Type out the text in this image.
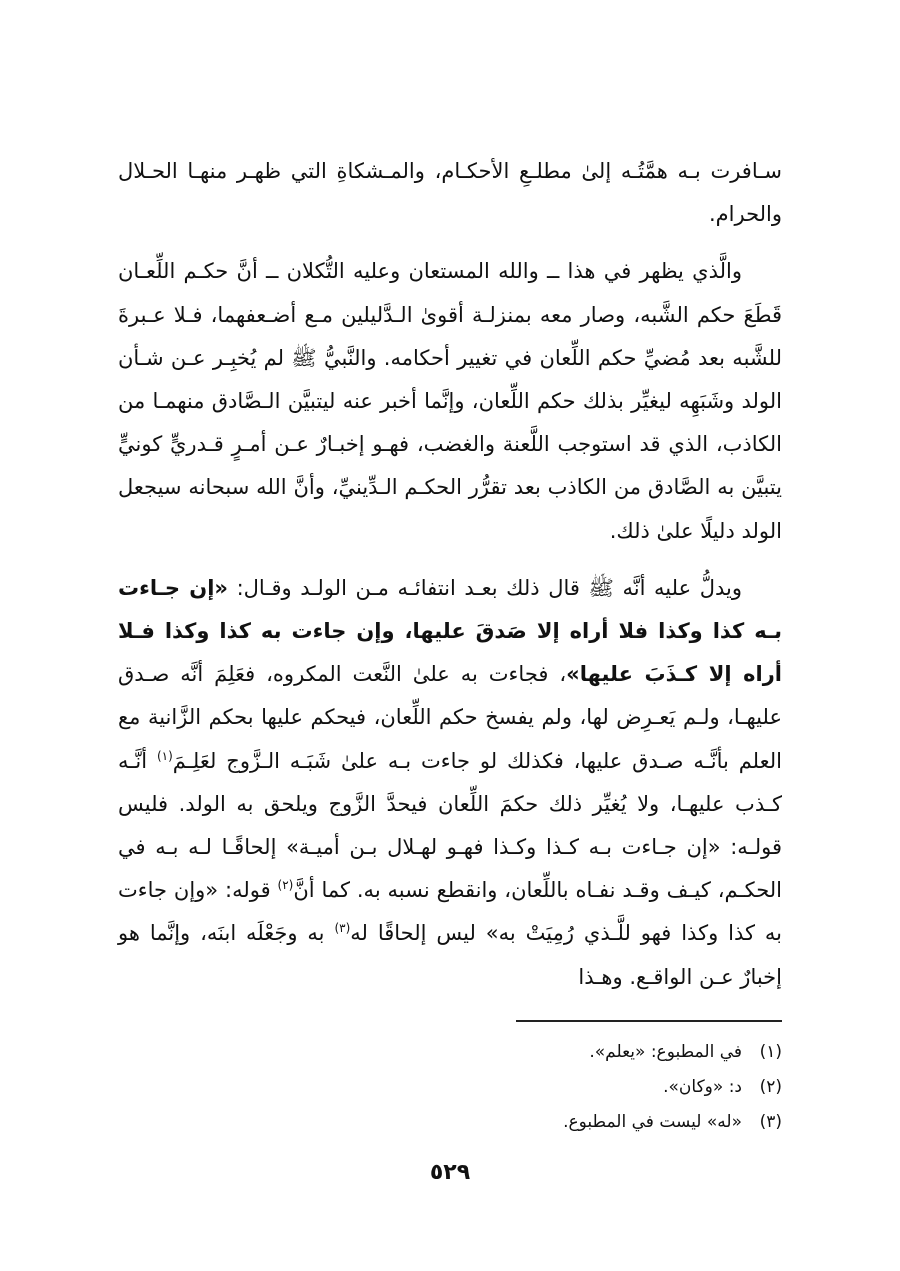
سـافرت بـه همَّتُـه إلىٰ مطلـعِ الأحكـام، والمـشكاةِ التي ظهـر منهـا الحـلال والحرام.

والَّذي يظهر في هذا ــ والله المستعان وعليه التُّكلان ــ أنَّ حكـم اللِّعـان قَطَعَ حكم الشَّبه، وصار معه بمنزلـة أقوىٰ الـدَّليلين مـع أضـعفهما، فـلا عـبرةَ للشَّبه بعد مُضيِّ حكم اللِّعان في تغيير أحكامه. والنَّبيُّ ﷺ لم يُخبِـر عـن شـأن الولد وشَبَهِه ليغيِّر بذلك حكم اللِّعان، وإنَّما أخبر عنه ليتبيَّن الـصَّادق منهمـا من الكاذب، الذي قد استوجب اللَّعنة والغضب، فهـو إخبـارٌ عـن أمـرٍ قـدريٍّ كونيٍّ يتبيَّن به الصَّادق من الكاذب بعد تقرُّر الحكـم الـدِّينيِّ، وأنَّ الله سبحانه سيجعل الولد دليلًا علىٰ ذلك.

ويدلُّ عليه أنَّه ﷺ قال ذلك بعـد انتفائـه مـن الولـد وقـال: «إن جـاءت بـه كذا وكذا فلا أراه إلا صَدقَ عليها، وإن جاءت به كذا وكذا فـلا أراه إلا كـذَبَ عليها»، فجاءت به علىٰ النَّعت المكروه، فعَلِمَ أنَّه صـدق عليهـا، ولـم يَعـرِض لها، ولم يفسخ حكم اللِّعان، فيحكم عليها بحكم الزَّانية مع العلم بأنَّـه صـدق عليها، فكذلك لو جاءت بـه علىٰ شَبَـه الـزَّوج لعَلِـمَ$^{(١)}$ أنَّـه كـذب عليهـا، ولا يُغيِّر ذلك حكمَ اللِّعان فيحدَّ الزَّوج ويلحق به الولد. فليس قولـه: «إن جـاءت بـه كـذا وكـذا فهـو لهـلال بـن أميـة» إلحاقًـا لـه بـه في الحكـم، كيـف وقـد نفـاه باللِّعان، وانقطع نسبه به. كما أنَّ$^{(٢)}$ قوله: «وإن جاءت به كذا وكذا فهو للَّـذي رُمِيَتْ به» ليس إلحاقًا له$^{(٣)}$ به وجَعْلَه ابنَه، وإنَّما هو إخبارٌ عـن الواقـع. وهـذا

(١)
في المطبوع: «يعلم».
(٢)
د: «وكان».
(٣)
«له» ليست في المطبوع.
٥٢٩
